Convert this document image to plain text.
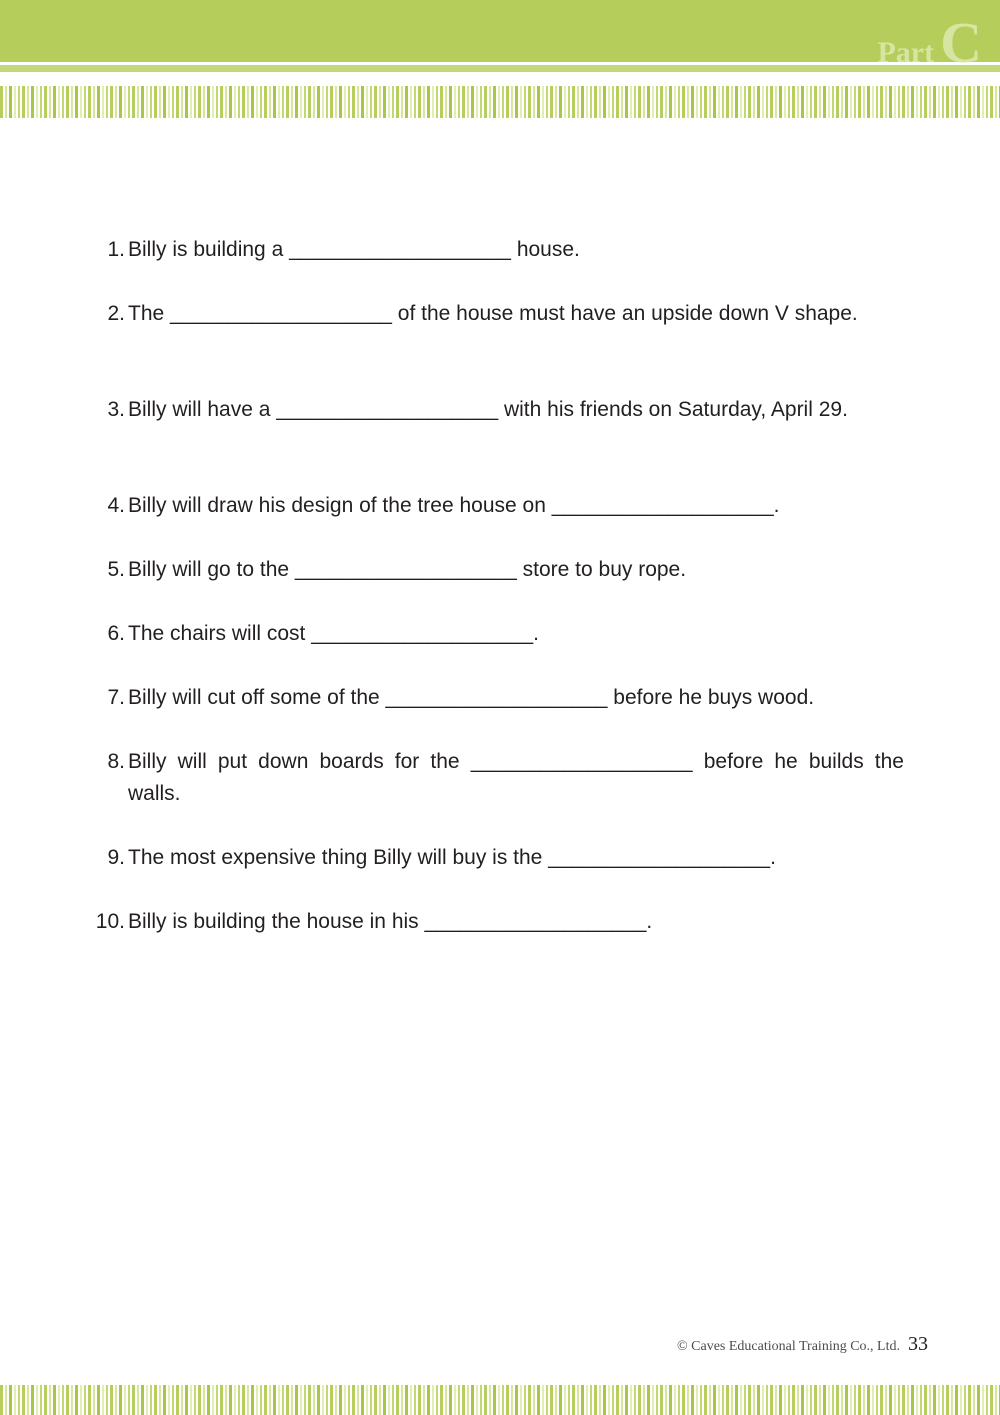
Part C

1. Billy is building a ___________________ house.

2. The ___________________ of the house must have an upside down V shape.

3. Billy will have a ___________________ with his friends on Saturday, April 29.

4. Billy will draw his design of the tree house on ___________________.

5. Billy will go to the ___________________ store to buy rope.

6. The chairs will cost ___________________.

7. Billy will cut off some of the ___________________ before he buys wood.

8. Billy will put down boards for the ___________________ before he builds the walls.

9. The most expensive thing Billy will buy is the ___________________.

10. Billy is building the house in his ___________________.

© Caves Educational Training Co., Ltd. 33
